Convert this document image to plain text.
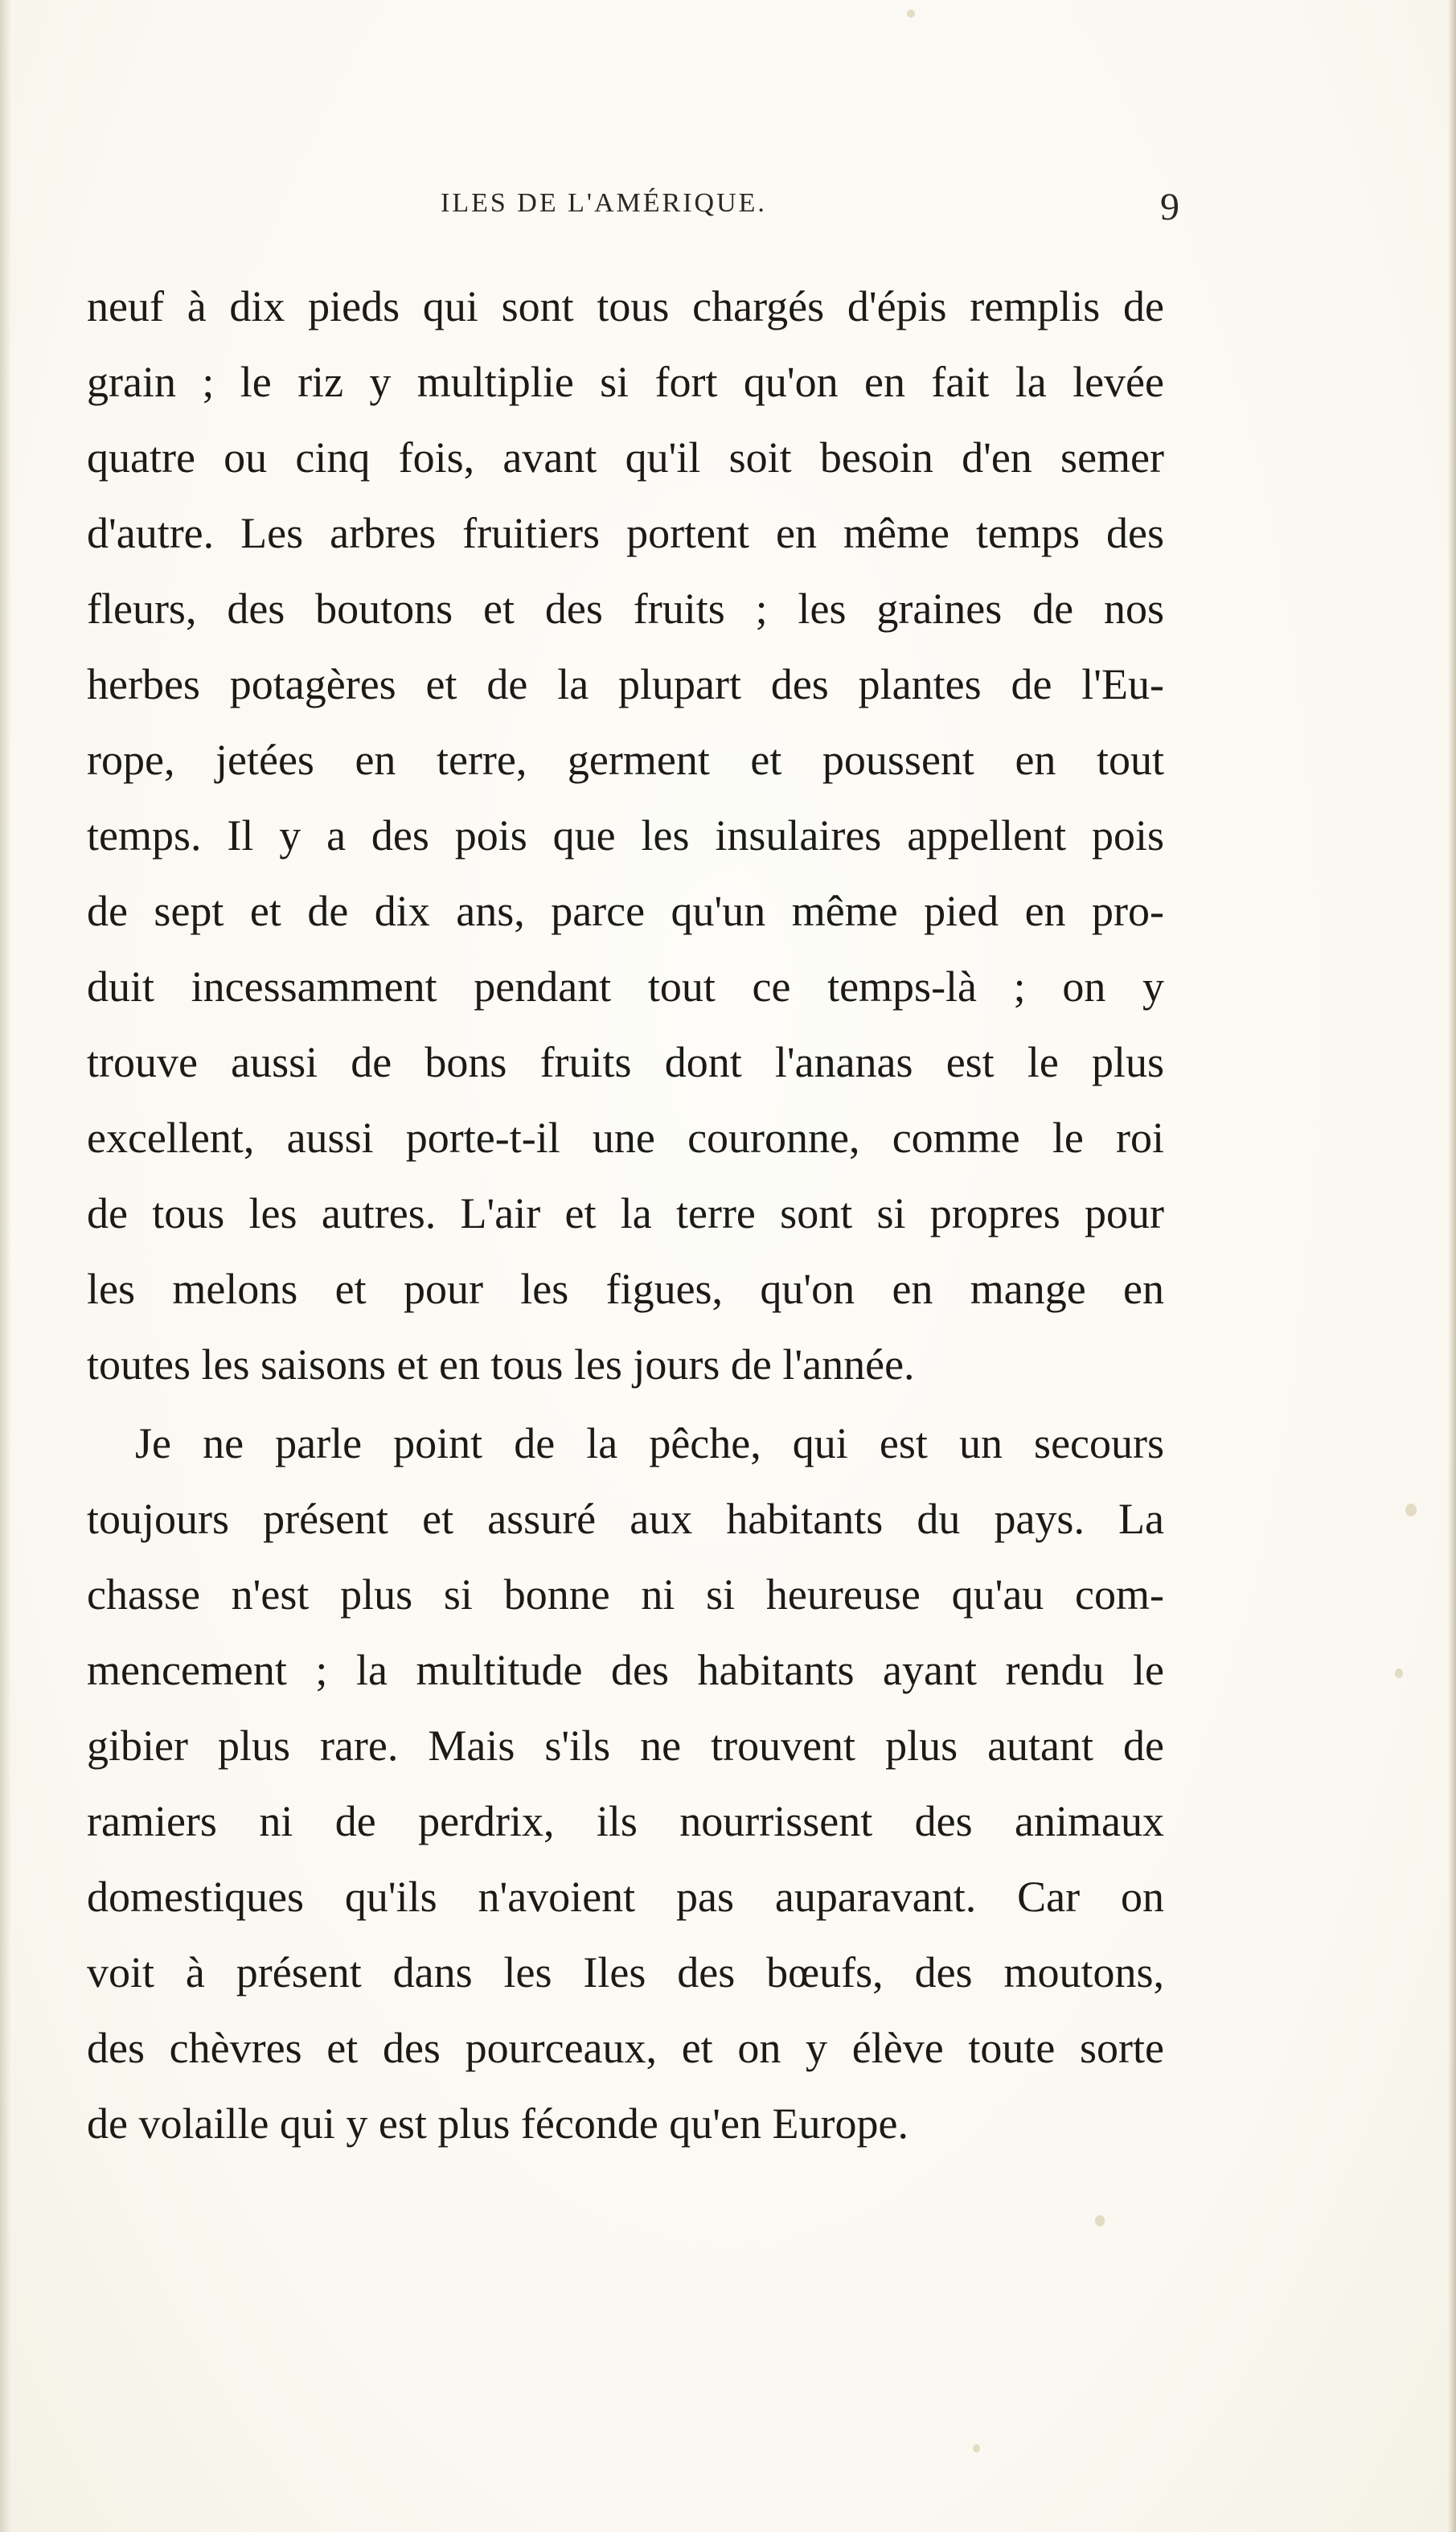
ILES DE L'AMÉRIQUE.	9
neuf à dix pieds qui sont tous chargés d'épis remplis de
grain ; le riz y multiplie si fort qu'on en fait la levée
quatre ou cinq fois, avant qu'il soit besoin d'en semer
d'autre. Les arbres fruitiers portent en même temps des
fleurs, des boutons et des fruits ; les graines de nos
herbes potagères et de la plupart des plantes de l'Eu-
rope, jetées en terre, germent et poussent en tout
temps. Il y a des pois que les insulaires appellent pois
de sept et de dix ans, parce qu'un même pied en pro-
duit incessamment pendant tout ce temps-là ; on y
trouve aussi de bons fruits dont l'ananas est le plus
excellent, aussi porte-t-il une couronne, comme le roi
de tous les autres. L'air et la terre sont si propres pour
les melons et pour les figues, qu'on en mange en
toutes les saisons et en tous les jours de l'année.
Je ne parle point de la pêche, qui est un secours
toujours présent et assuré aux habitants du pays. La
chasse n'est plus si bonne ni si heureuse qu'au com-
mencement ; la multitude des habitants ayant rendu le
gibier plus rare. Mais s'ils ne trouvent plus autant de
ramiers ni de perdrix, ils nourrissent des animaux
domestiques qu'ils n'avoient pas auparavant. Car on
voit à présent dans les Iles des bœufs, des moutons,
des chèvres et des pourceaux, et on y élève toute sorte
de volaille qui y est plus féconde qu'en Europe.
